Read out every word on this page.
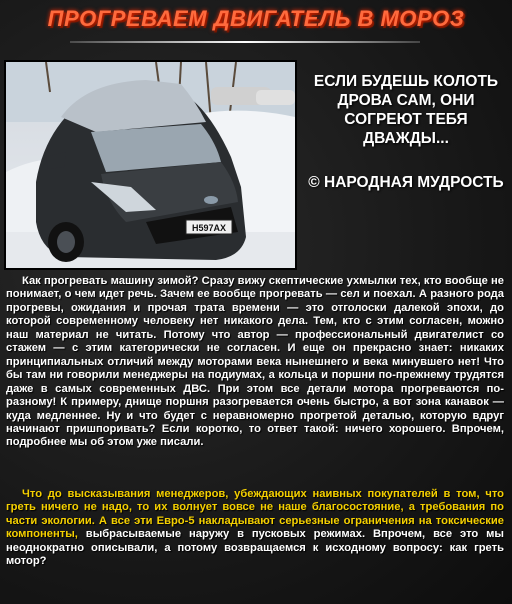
ПРОГРЕВАЕМ ДВИГАТЕЛЬ В МОРОЗ
Н597АХ
ЕСЛИ БУДЕШЬ КОЛОТЬ ДРОВА САМ, ОНИ СОГРЕЮТ ТЕБЯ ДВАЖДЫ...
© НАРОДНАЯ МУДРОСТЬ
Как прогревать машину зимой? Сразу вижу скептические ухмылки тех, кто вообще не понимает, о чем идет речь. Зачем ее вообще прогревать — сел и поехал. А разного рода прогревы, ожидания и прочая трата времени — это отголоски далекой эпохи, до которой современному человеку нет никакого дела. Тем, кто с этим согласен, можно наш материал не читать. Потому что автор — профессиональный двигателист со стажем — с этим категорически не согласен. И еще он прекрасно знает: никаких принципиальных отличий между моторами века нынешнего и века минувшего нет! Что бы там ни говорили менеджеры на подиумах, а кольца и поршни по-прежнему трудятся даже в самых современных ДВС. При этом все детали мотора прогреваются по-разному! К примеру, днище поршня разогревается очень быстро, а вот зона канавок — куда медленнее. Ну и что будет с неравномерно прогретой деталью, которую вдруг начинают пришпоривать? Если коротко, то ответ такой: ничего хорошего. Впрочем, подробнее мы об этом уже писали.
Что до высказывания менеджеров, убеждающих наивных покупателей в том, что греть ничего не надо, то их волнует вовсе не наше благосостояние, а требования по части экологии. А все эти Евро-5 накладывают серьезные ограничения на токсические компоненты, выбрасываемые наружу в пусковых режимах. Впрочем, все это мы неоднократно описывали, а потому возвращаемся к исходному вопросу: как греть мотор?
